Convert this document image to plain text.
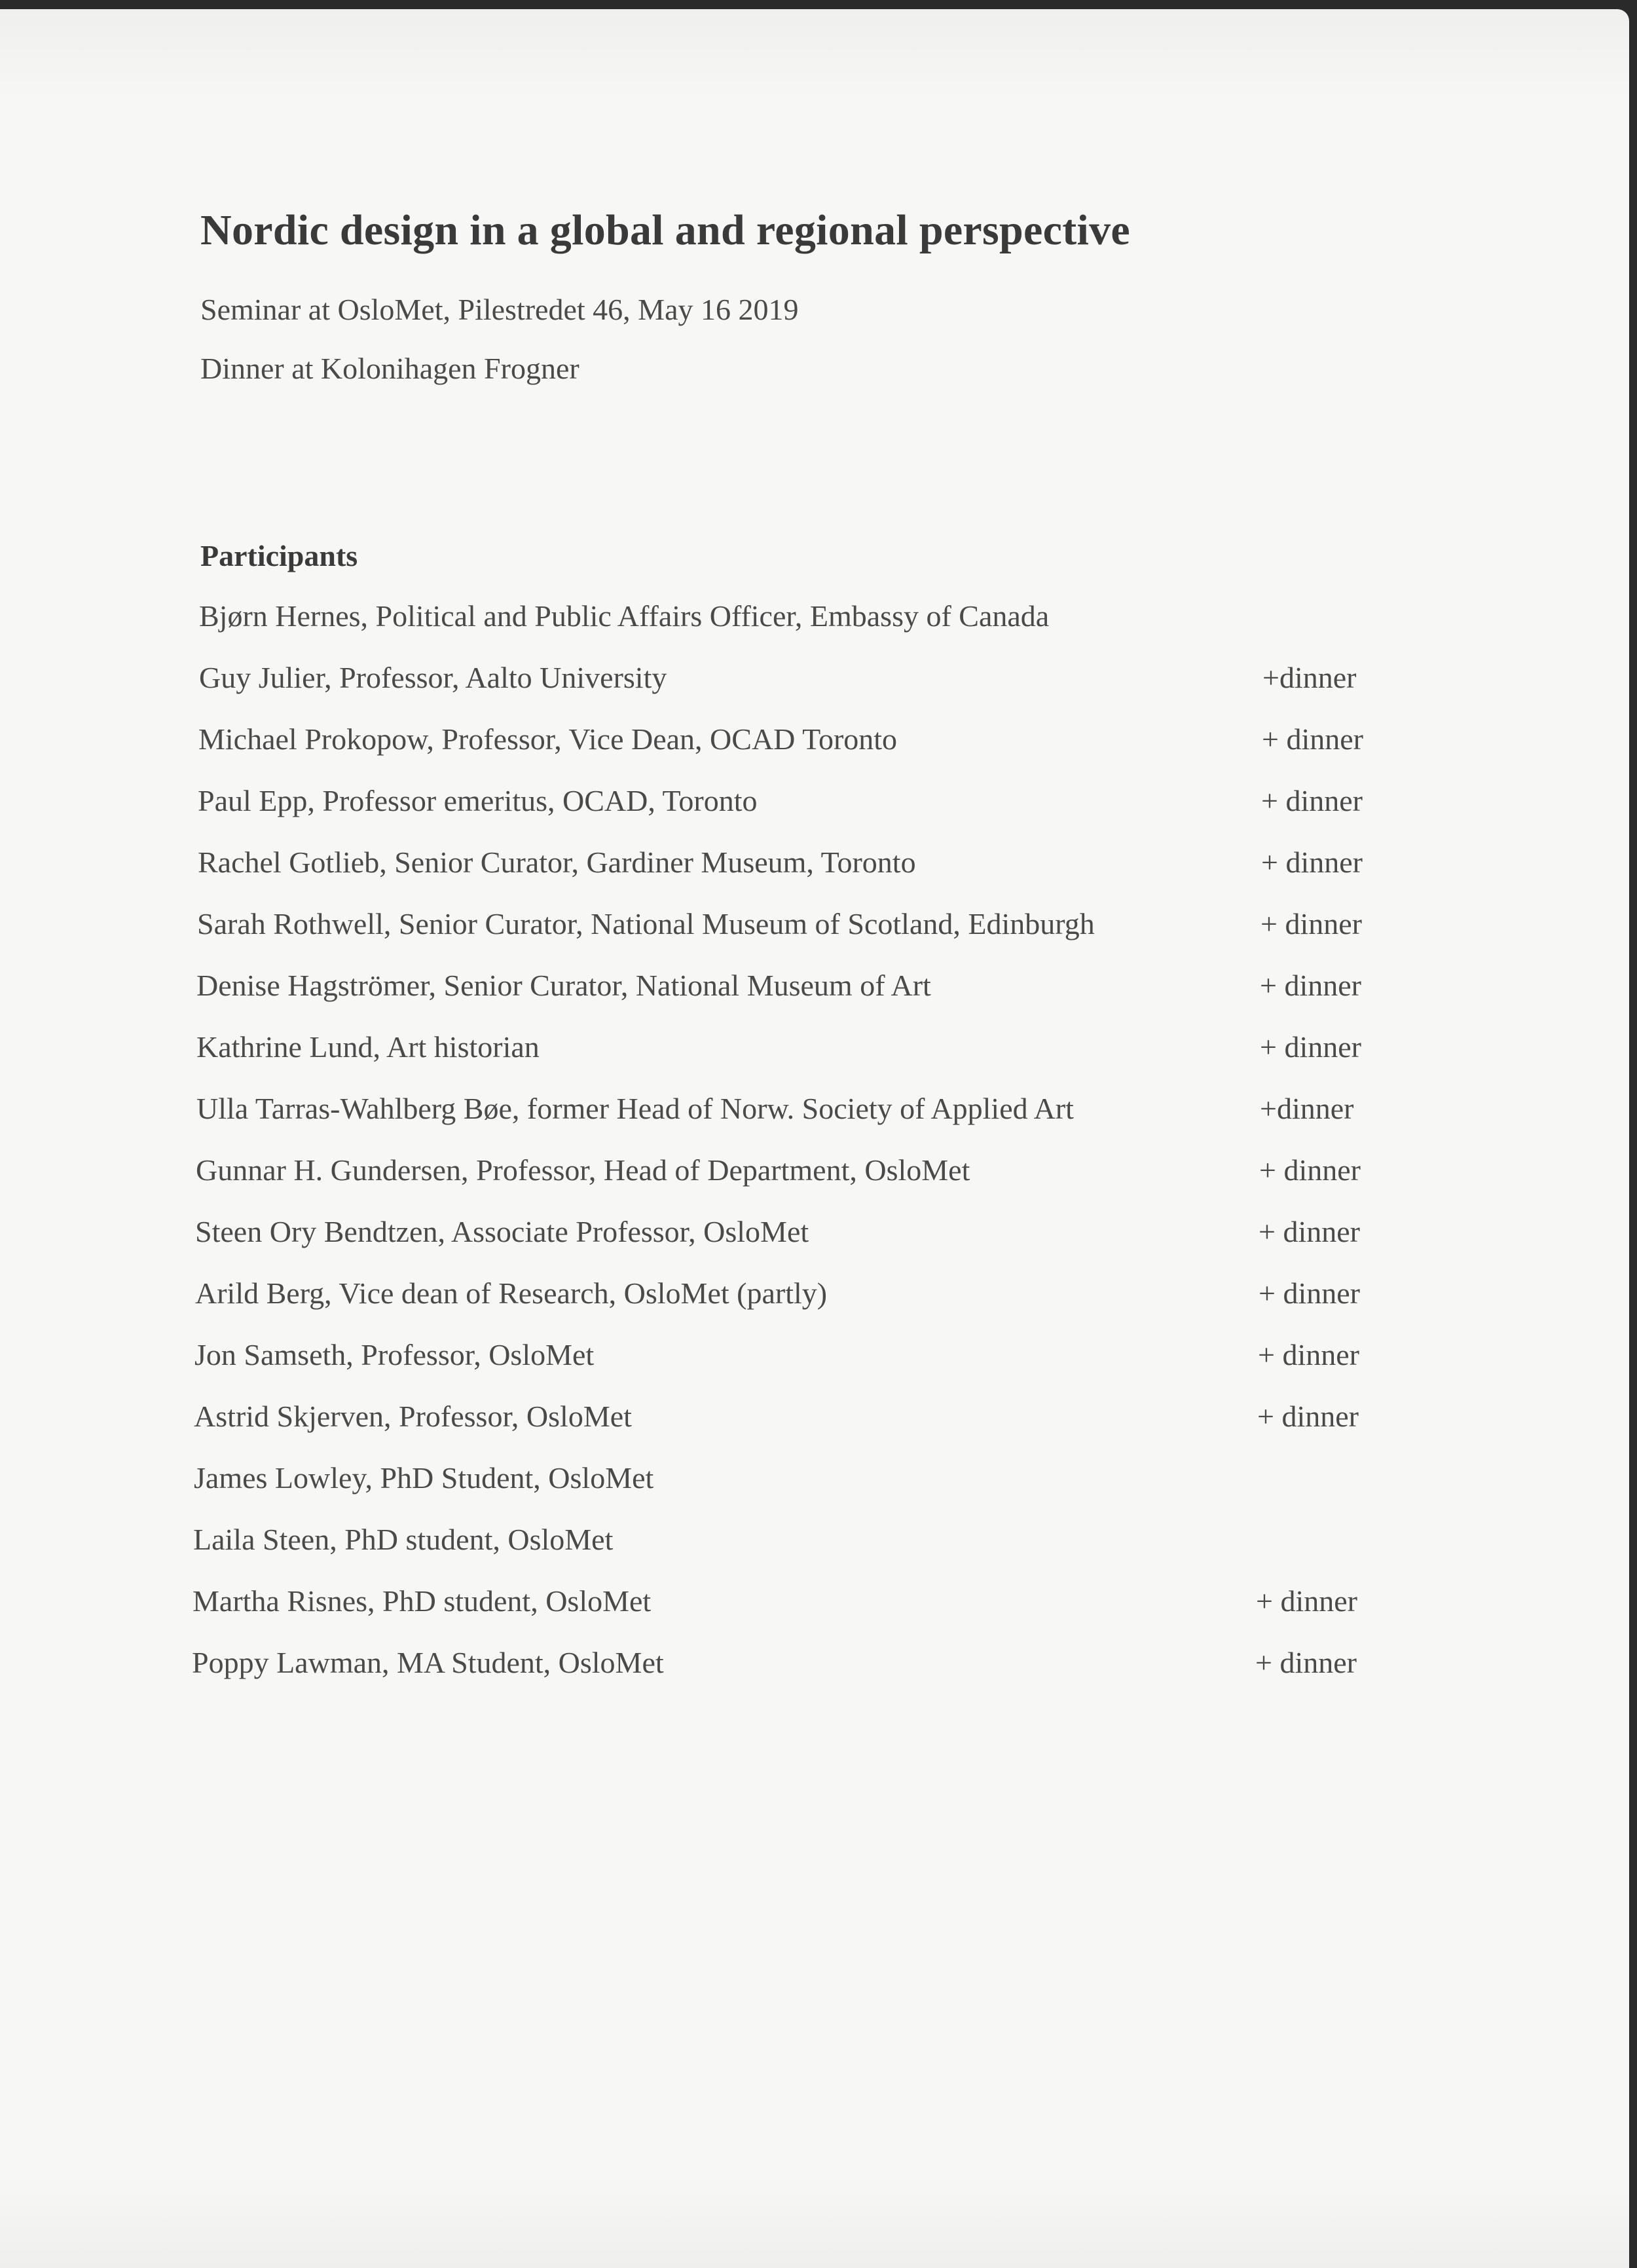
Nordic design in a global and regional perspective
Seminar at OsloMet, Pilestredet 46, May 16 2019
Dinner at Kolonihagen Frogner
Participants
Bjørn Hernes, Political and Public Affairs Officer, Embassy of Canada
Guy Julier, Professor, Aalto University	+dinner
Michael Prokopow, Professor, Vice Dean, OCAD Toronto	+ dinner
Paul Epp, Professor emeritus, OCAD, Toronto	+ dinner
Rachel Gotlieb, Senior Curator, Gardiner Museum, Toronto	+ dinner
Sarah Rothwell, Senior Curator, National Museum of Scotland, Edinburgh	+ dinner
Denise Hagströmer, Senior Curator, National Museum of Art	+ dinner
Kathrine Lund, Art historian	+ dinner
Ulla Tarras-Wahlberg Bøe, former Head of Norw. Society of Applied Art	+dinner
Gunnar H. Gundersen, Professor, Head of Department, OsloMet	+ dinner
Steen Ory Bendtzen, Associate Professor, OsloMet	+ dinner
Arild Berg, Vice dean of Research, OsloMet (partly)	+ dinner
Jon Samseth, Professor, OsloMet	+ dinner
Astrid Skjerven, Professor, OsloMet	+ dinner
James Lowley, PhD Student, OsloMet
Laila Steen, PhD student, OsloMet
Martha Risnes, PhD student, OsloMet	+ dinner
Poppy Lawman, MA Student, OsloMet	+ dinner
